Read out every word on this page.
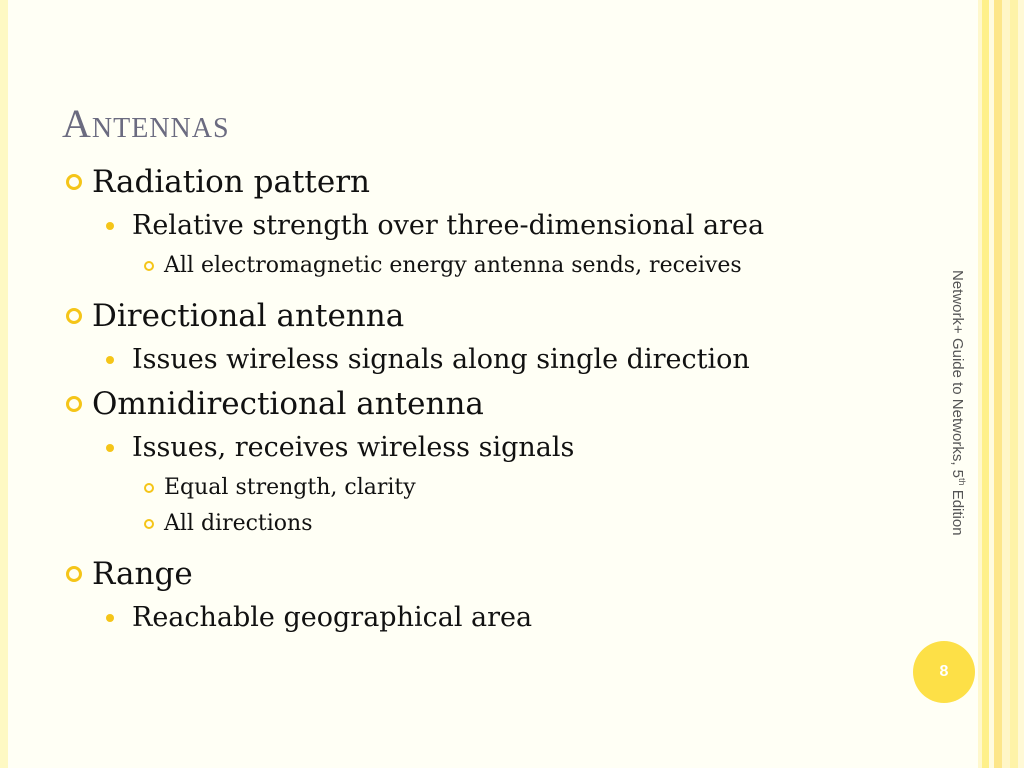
Antennas
Radiation pattern
Relative strength over three-dimensional area
All electromagnetic energy antenna sends, receives
Directional antenna
Issues wireless signals along single direction
Omnidirectional antenna
Issues, receives wireless signals
Equal strength, clarity
All directions
Range
Reachable geographical area
Network+ Guide to Networks, 5th Edition
8
